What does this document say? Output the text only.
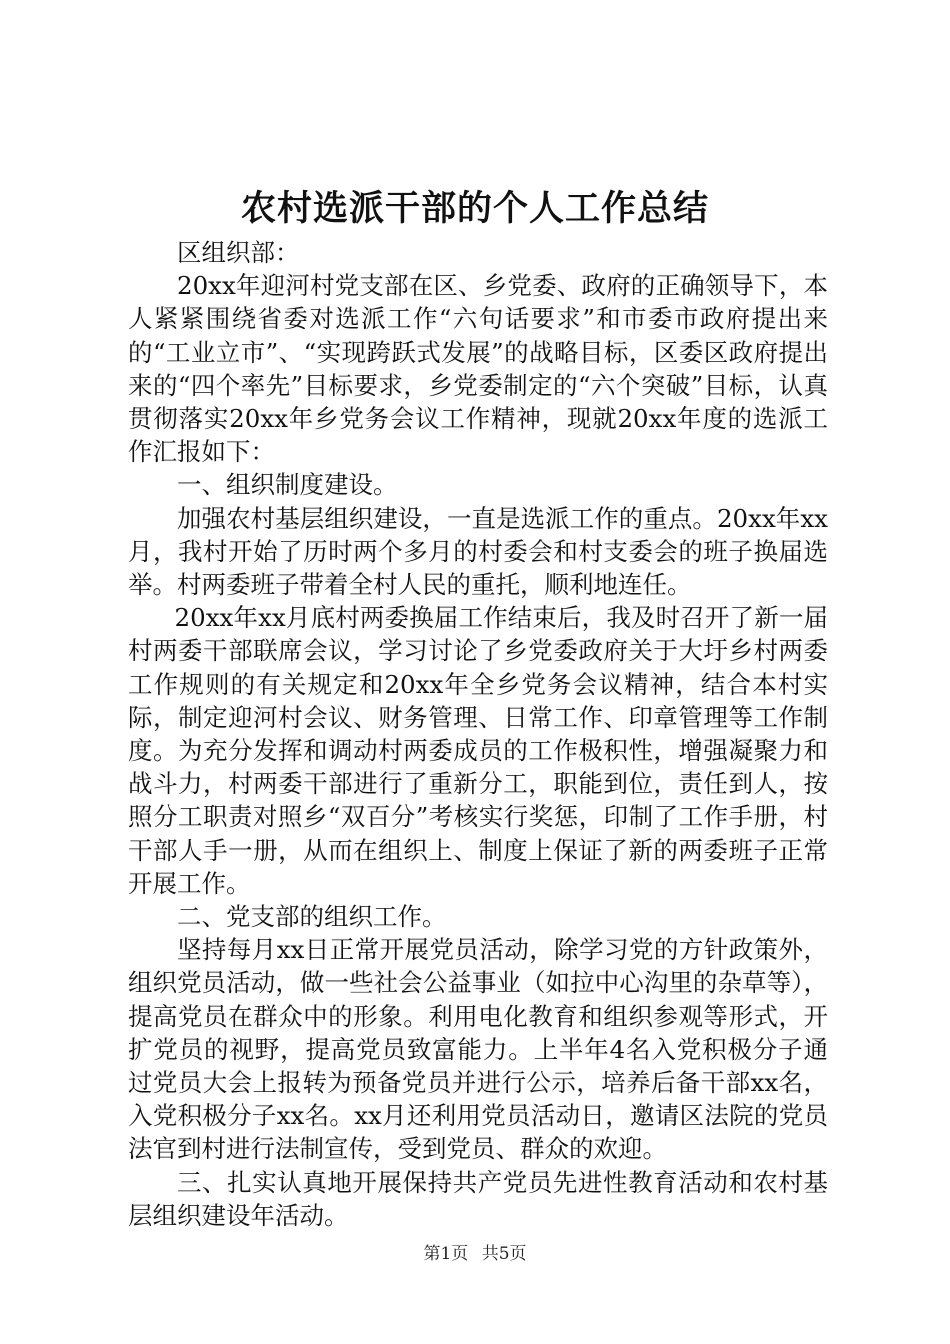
农村选派干部的个人工作总结

区组织部：

20xx年迎河村党支部在区、乡党委、政府的正确领导下，本人紧紧围绕省委对选派工作“六句话要求”和市委市政府提出来的“工业立市”、“实现跨跃式发展”的战略目标，区委区政府提出来的“四个率先”目标要求，乡党委制定的“六个突破”目标，认真贯彻落实20xx年乡党务会议工作精神，现就20xx年度的选派工作汇报如下：

一、组织制度建设。

加强农村基层组织建设，一直是选派工作的重点。20xx年xx月，我村开始了历时两个多月的村委会和村支委会的班子换届选举。村两委班子带着全村人民的重托，顺利地连任。

20xx年xx月底村两委换届工作结束后，我及时召开了新一届村两委干部联席会议，学习讨论了乡党委政府关于大圩乡村两委工作规则的有关规定和20xx年全乡党务会议精神，结合本村实际，制定迎河村会议、财务管理、日常工作、印章管理等工作制度。为充分发挥和调动村两委成员的工作极积性，增强凝聚力和战斗力，村两委干部进行了重新分工，职能到位，责任到人，按照分工职责对照乡“双百分”考核实行奖惩，印制了工作手册，村干部人手一册，从而在组织上、制度上保证了新的两委班子正常开展工作。

二、党支部的组织工作。

坚持每月xx日正常开展党员活动，除学习党的方针政策外，组织党员活动，做一些社会公益事业（如拉中心沟里的杂草等），提高党员在群众中的形象。利用电化教育和组织参观等形式，开扩党员的视野，提高党员致富能力。上半年4名入党积极分子通过党员大会上报转为预备党员并进行公示，培养后备干部xx名，入党积极分子xx名。xx月还利用党员活动日，邀请区法院的党员法官到村进行法制宣传，受到党员、群众的欢迎。

三、扎实认真地开展保持共产党员先进性教育活动和农村基层组织建设年活动。

第1页 共5页
